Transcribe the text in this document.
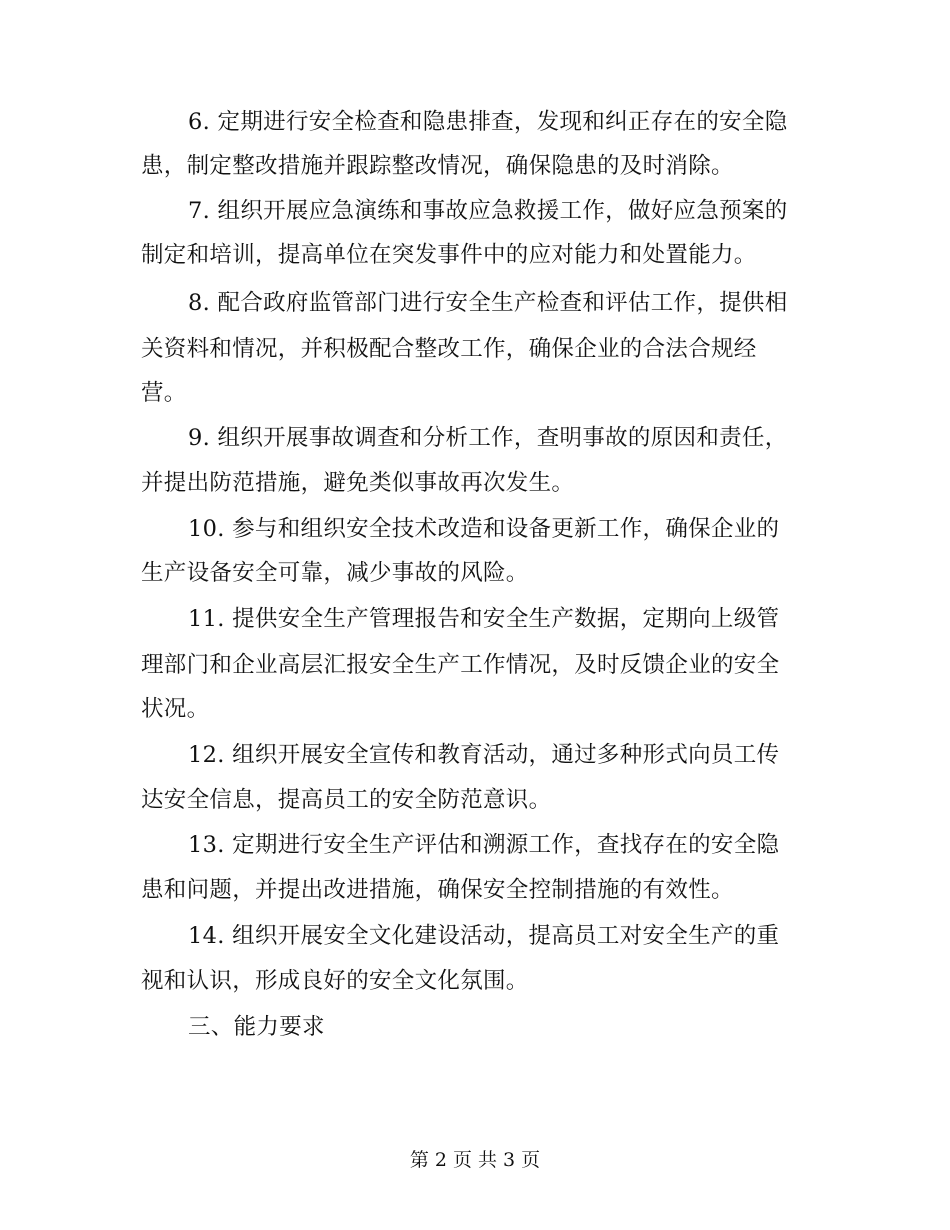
6. 定期进行安全检查和隐患排查，发现和纠正存在的安全隐
患，制定整改措施并跟踪整改情况，确保隐患的及时消除。
7. 组织开展应急演练和事故应急救援工作，做好应急预案的
制定和培训，提高单位在突发事件中的应对能力和处置能力。
8. 配合政府监管部门进行安全生产检查和评估工作，提供相
关资料和情况，并积极配合整改工作，确保企业的合法合规经
营。
9. 组织开展事故调查和分析工作，查明事故的原因和责任，
并提出防范措施，避免类似事故再次发生。
10. 参与和组织安全技术改造和设备更新工作，确保企业的
生产设备安全可靠，减少事故的风险。
11. 提供安全生产管理报告和安全生产数据，定期向上级管
理部门和企业高层汇报安全生产工作情况，及时反馈企业的安全
状况。
12. 组织开展安全宣传和教育活动，通过多种形式向员工传
达安全信息，提高员工的安全防范意识。
13. 定期进行安全生产评估和溯源工作，查找存在的安全隐
患和问题，并提出改进措施，确保安全控制措施的有效性。
14. 组织开展安全文化建设活动，提高员工对安全生产的重
视和认识，形成良好的安全文化氛围。
三、能力要求
第 2 页 共 3 页
